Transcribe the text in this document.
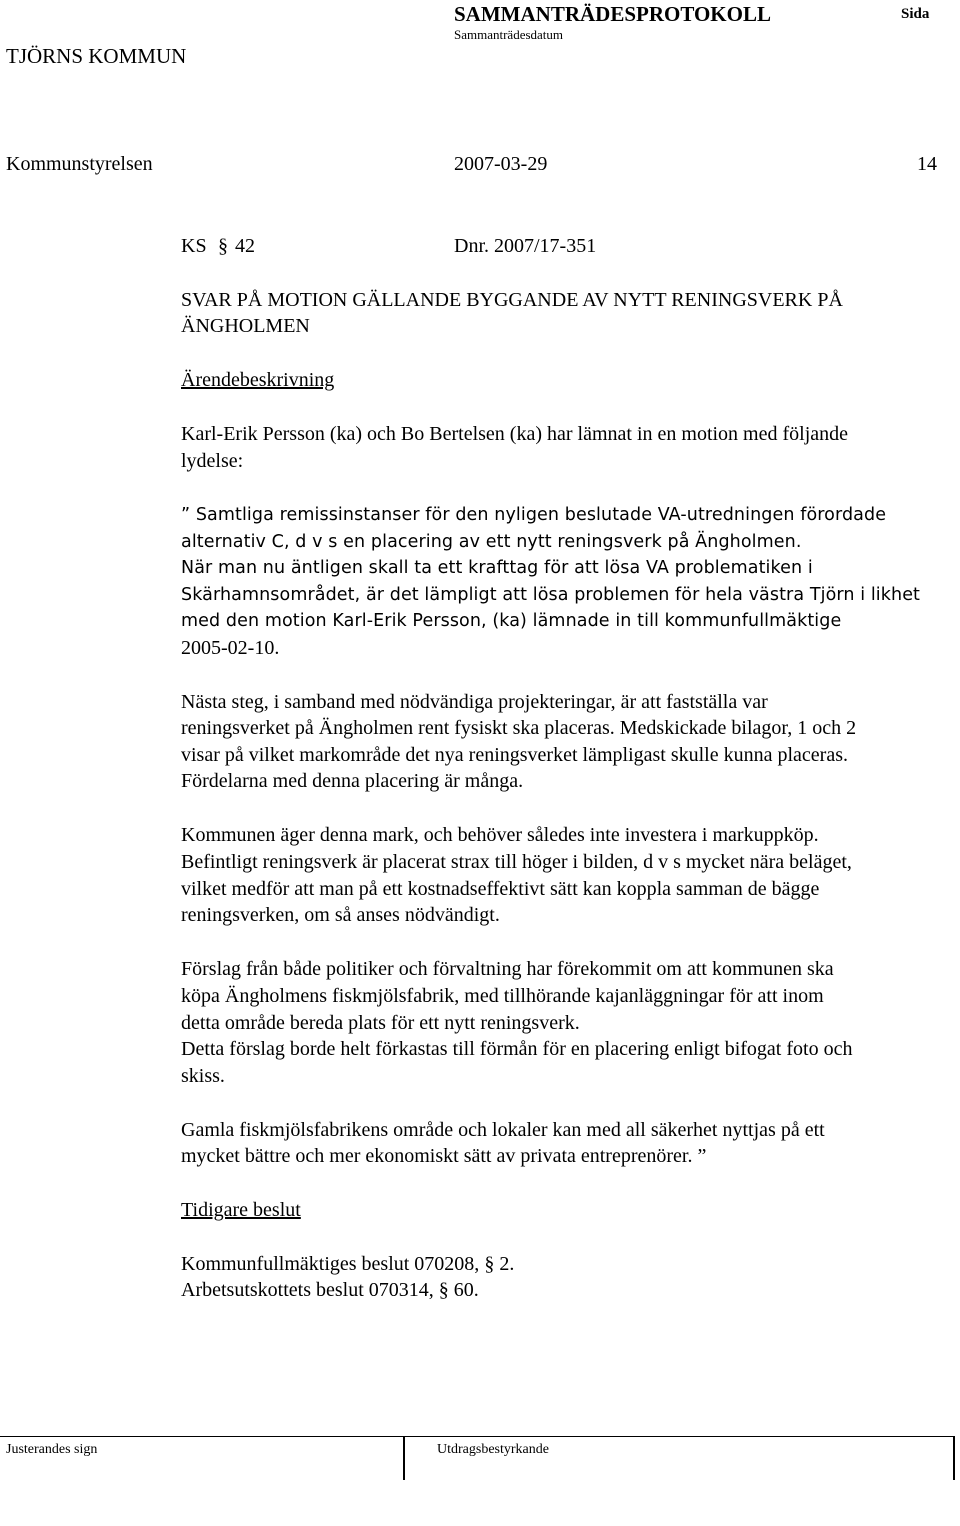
SAMMANTRÄDESPROTOKOLL	Sida
Sammanträdesdatum
TJÖRNS KOMMUN
Kommunstyrelsen	2007-03-29	14
KS § 42	Dnr. 2007/17-351
SVAR PÅ MOTION GÄLLANDE BYGGANDE AV NYTT RENINGSVERK PÅ
ÄNGHOLMEN
Ärendebeskrivning
Karl-Erik Persson (ka) och Bo Bertelsen (ka) har lämnat in en motion med följande
lydelse:
” Samtliga remissinstanser för den nyligen beslutade VA-utredningen förordade
alternativ C, d v s en placering av ett nytt reningsverk på Ängholmen.
När man nu äntligen skall ta ett krafttag för att lösa VA problematiken i
Skärhamnsområdet, är det lämpligt att lösa problemen för hela västra Tjörn i likhet
med den motion Karl-Erik Persson, (ka) lämnade in till kommunfullmäktige
2005-02-10.
Nästa steg, i samband med nödvändiga projekteringar, är att fastställa var
reningsverket på Ängholmen rent fysiskt ska placeras. Medskickade bilagor, 1 och 2
visar på vilket markområde det nya reningsverket lämpligast skulle kunna placeras.
Fördelarna med denna placering är många.
Kommunen äger denna mark, och behöver således inte investera i markuppköp.
Befintligt reningsverk är placerat strax till höger i bilden, d v s mycket nära beläget,
vilket medför att man på ett kostnadseffektivt sätt kan koppla samman de bägge
reningsverken, om så anses nödvändigt.
Förslag från både politiker och förvaltning har förekommit om att kommunen ska
köpa Ängholmens fiskmjölsfabrik, med tillhörande kajanläggningar för att inom
detta område bereda plats för ett nytt reningsverk.
Detta förslag borde helt förkastas till förmån för en placering enligt bifogat foto och
skiss.
Gamla fiskmjölsfabrikens område och lokaler kan med all säkerhet nyttjas på ett
mycket bättre och mer ekonomiskt sätt av privata entreprenörer. ”
Tidigare beslut
Kommunfullmäktiges beslut 070208, § 2.
Arbetsutskottets beslut 070314, § 60.
Justerandes sign	Utdragsbestyrkande
